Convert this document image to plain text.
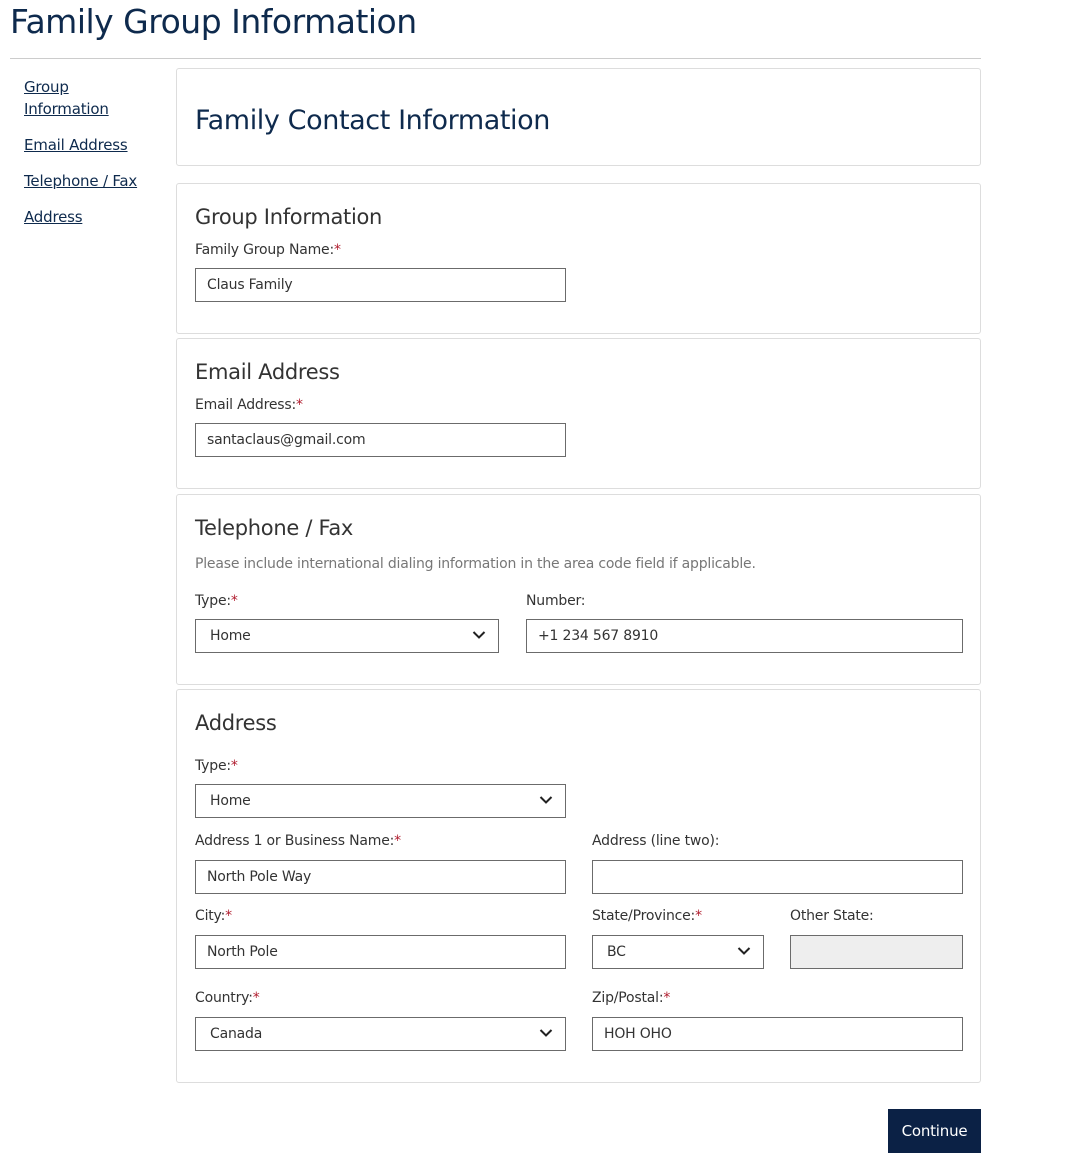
Family Group Information
Group Information
Email Address
Telephone / Fax
Address
Family Contact Information
Group Information
Family Group Name:*
Claus Family
Email Address
Email Address:*
santaclaus@gmail.com
Telephone / Fax
Please include international dialing information in the area code field if applicable.
Type:*
Home
Number:
+1 234 567 8910
Address
Type:*
Home
Address 1 or Business Name:*
North Pole Way
Address (line two):
City:*
North Pole
State/Province:*
BC
Other State:
Country:*
Canada
Zip/Postal:*
HOH OHO
Continue
